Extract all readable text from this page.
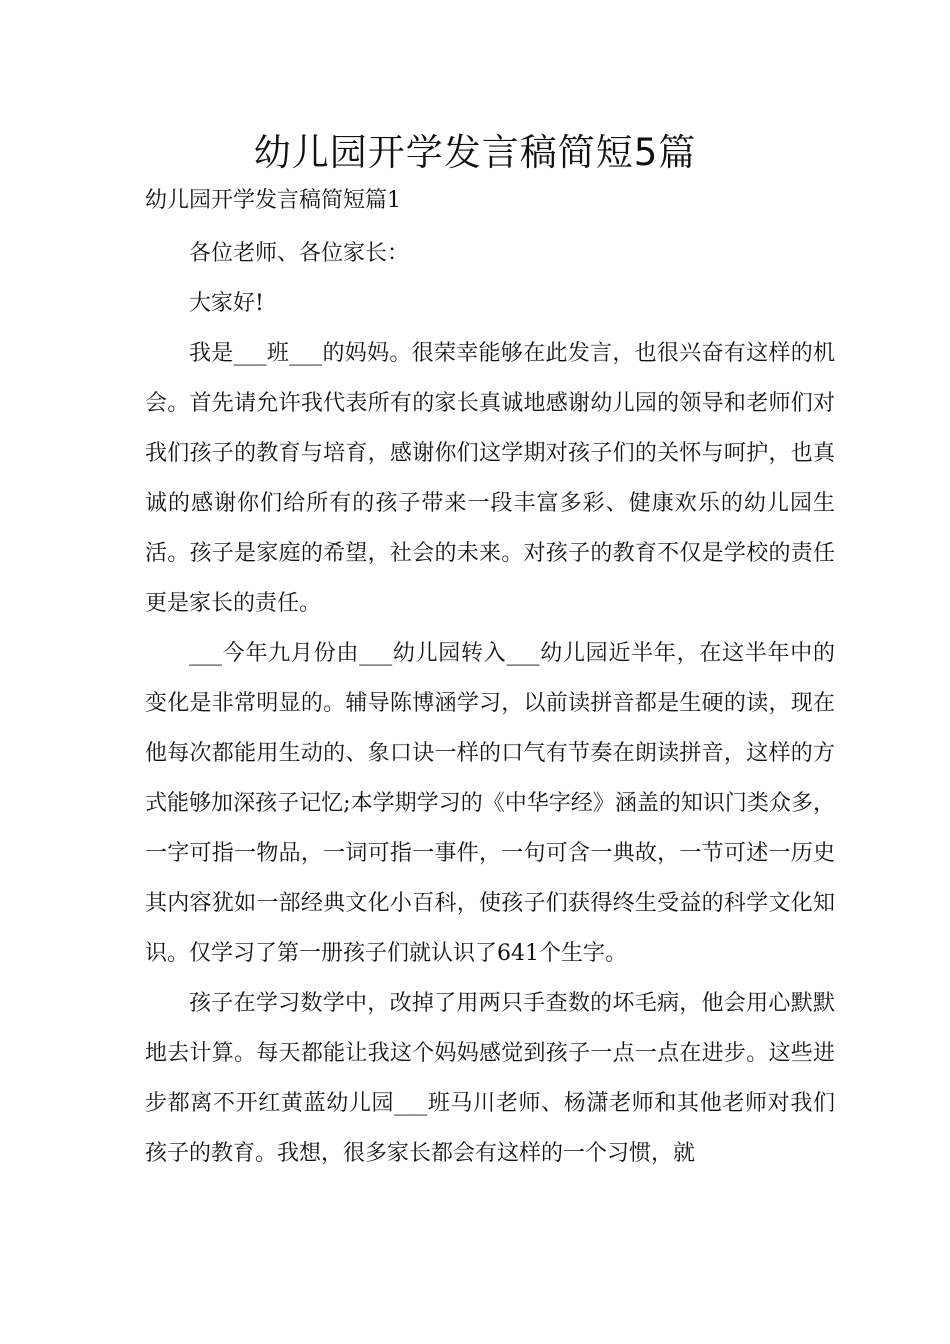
幼儿园开学发言稿简短5篇
幼儿园开学发言稿简短篇1

各位老师、各位家长：

大家好!

我是___班___的妈妈。很荣幸能够在此发言，也很兴奋有这样的机会。首先请允许我代表所有的家长真诚地感谢幼儿园的领导和老师们对我们孩子的教育与培育，感谢你们这学期对孩子们的关怀与呵护，也真诚的感谢你们给所有的孩子带来一段丰富多彩、健康欢乐的幼儿园生活。孩子是家庭的希望，社会的未来。对孩子的教育不仅是学校的责任更是家长的责任。

___今年九月份由___幼儿园转入___幼儿园近半年，在这半年中的变化是非常明显的。辅导陈博涵学习，以前读拼音都是生硬的读，现在他每次都能用生动的、象口诀一样的口气有节奏在朗读拼音，这样的方式能够加深孩子记忆;本学期学习的《中华字经》涵盖的知识门类众多，一字可指一物品，一词可指一事件，一句可含一典故，一节可述一历史其内容犹如一部经典文化小百科，使孩子们获得终生受益的科学文化知识。仅学习了第一册孩子们就认识了641个生字。

孩子在学习数学中，改掉了用两只手查数的坏毛病，他会用心默默地去计算。每天都能让我这个妈妈感觉到孩子一点一点在进步。这些进步都离不开红黄蓝幼儿园___班马川老师、杨潇老师和其他老师对我们孩子的教育。我想，很多家长都会有这样的一个习惯，就
